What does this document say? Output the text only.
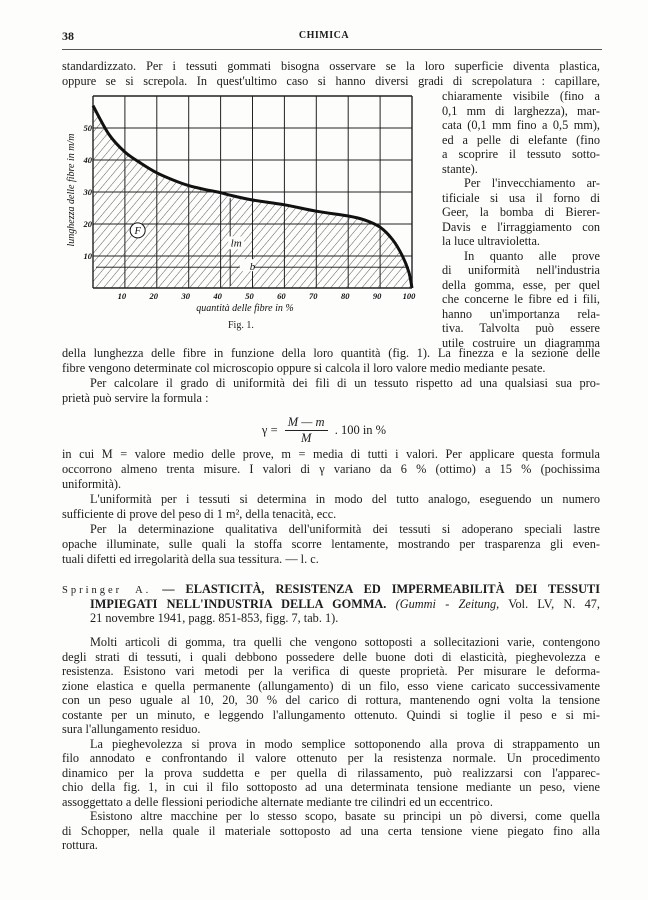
38	CHIMICA
F
lm
b
10	20	30	40	50	60	70	80	90	100
10
20
30
40
50
quantità delle fibre in %
lunghezza delle fibre in m/m
Fig. 1.
standardizzato. Per i tessuti gommati bisogna osservare se la loro superficie diventa plastica,
oppure se si screpola. In quest'ultimo caso si hanno diversi gradi di screpolatura : capillare,
chiaramente visibile (fino a
0,1 mm di larghezza), mar-
cata (0,1 mm fino a 0,5 mm),
ed a pelle di elefante (fino
a scoprire il tessuto sotto-
stante).
Per l'invecchiamento ar-
tificiale si usa il forno di
Geer, la bomba di Bierer-
Davis e l'irraggiamento con
la luce ultravioletta.
In quanto alle prove
di uniformità nell'industria
della gomma, esse, per quel
che concerne le fibre ed i fili,
hanno un'importanza rela-
tiva. Talvolta può essere
utile costruire un diagramma
della lunghezza delle fibre in funzione della loro quantità (fig. 1). La finezza e la sezione delle
fibre vengono determinate col microscopio oppure si calcola il loro valore medio mediante pesate.
Per calcolare il grado di uniformità dei fili di un tessuto rispetto ad una qualsiasi sua pro-
prietà può servire la formula :
in cui M = valore medio delle prove, m = media di tutti i valori. Per applicare questa formula
occorrono almeno trenta misure. I valori di γ variano da 6 % (ottimo) a 15 % (pochissima
uniformità).
L'uniformità per i tessuti si determina in modo del tutto analogo, eseguendo un numero
sufficiente di prove del peso di 1 m², della tenacità, ecc.
Per la determinazione qualitativa dell'uniformità dei tessuti si adoperano speciali lastre
opache illuminate, sulle quali la stoffa scorre lentamente, mostrando per trasparenza gli even-
tuali difetti ed irregolarità della sua tessitura. — l. c.
Molti articoli di gomma, tra quelli che vengono sottoposti a sollecitazioni varie, contengono
degli strati di tessuti, i quali debbono possedere delle buone doti di elasticità, pieghevolezza e
resistenza. Esistono vari metodi per la verifica di queste proprietà. Per misurare le deforma-
zione elastica e quella permanente (allungamento) di un filo, esso viene caricato successivamente
con un peso uguale al 10, 20, 30 % del carico di rottura, mantenendo ogni volta la tensione
costante per un minuto, e leggendo l'allungamento ottenuto. Quindi si toglie il peso e si mi-
sura l'allungamento residuo.
La pieghevolezza si prova in modo semplice sottoponendo alla prova di strappamento un
filo annodato e confrontando il valore ottenuto per la resistenza normale. Un procedimento
dinamico per la prova suddetta e per quella di rilassamento, può realizzarsi con l'apparec-
chio della fig. 1, in cui il filo sottoposto ad una determinata tensione mediante un peso, viene
assoggettato a delle flessioni periodiche alternate mediante tre cilindri ed un eccentrico.
Esistono altre macchine per lo stesso scopo, basate su principi un pò diversi, come quella
di Schopper, nella quale il materiale sottoposto ad una certa tensione viene piegato fino alla
rottura.
$\gamma = \frac{M — m}{M}$ . 100 in %
Springer A. — ELASTICITÀ, RESISTENZA ED IMPERMEABILITÀ DEI TESSUTI
IMPIEGATI NELL'INDUSTRIA DELLA GOMMA. (Gummi - Zeitung, Vol. LV, N. 47,
21 novembre 1941, pagg. 851-853, figg. 7, tab. 1).
